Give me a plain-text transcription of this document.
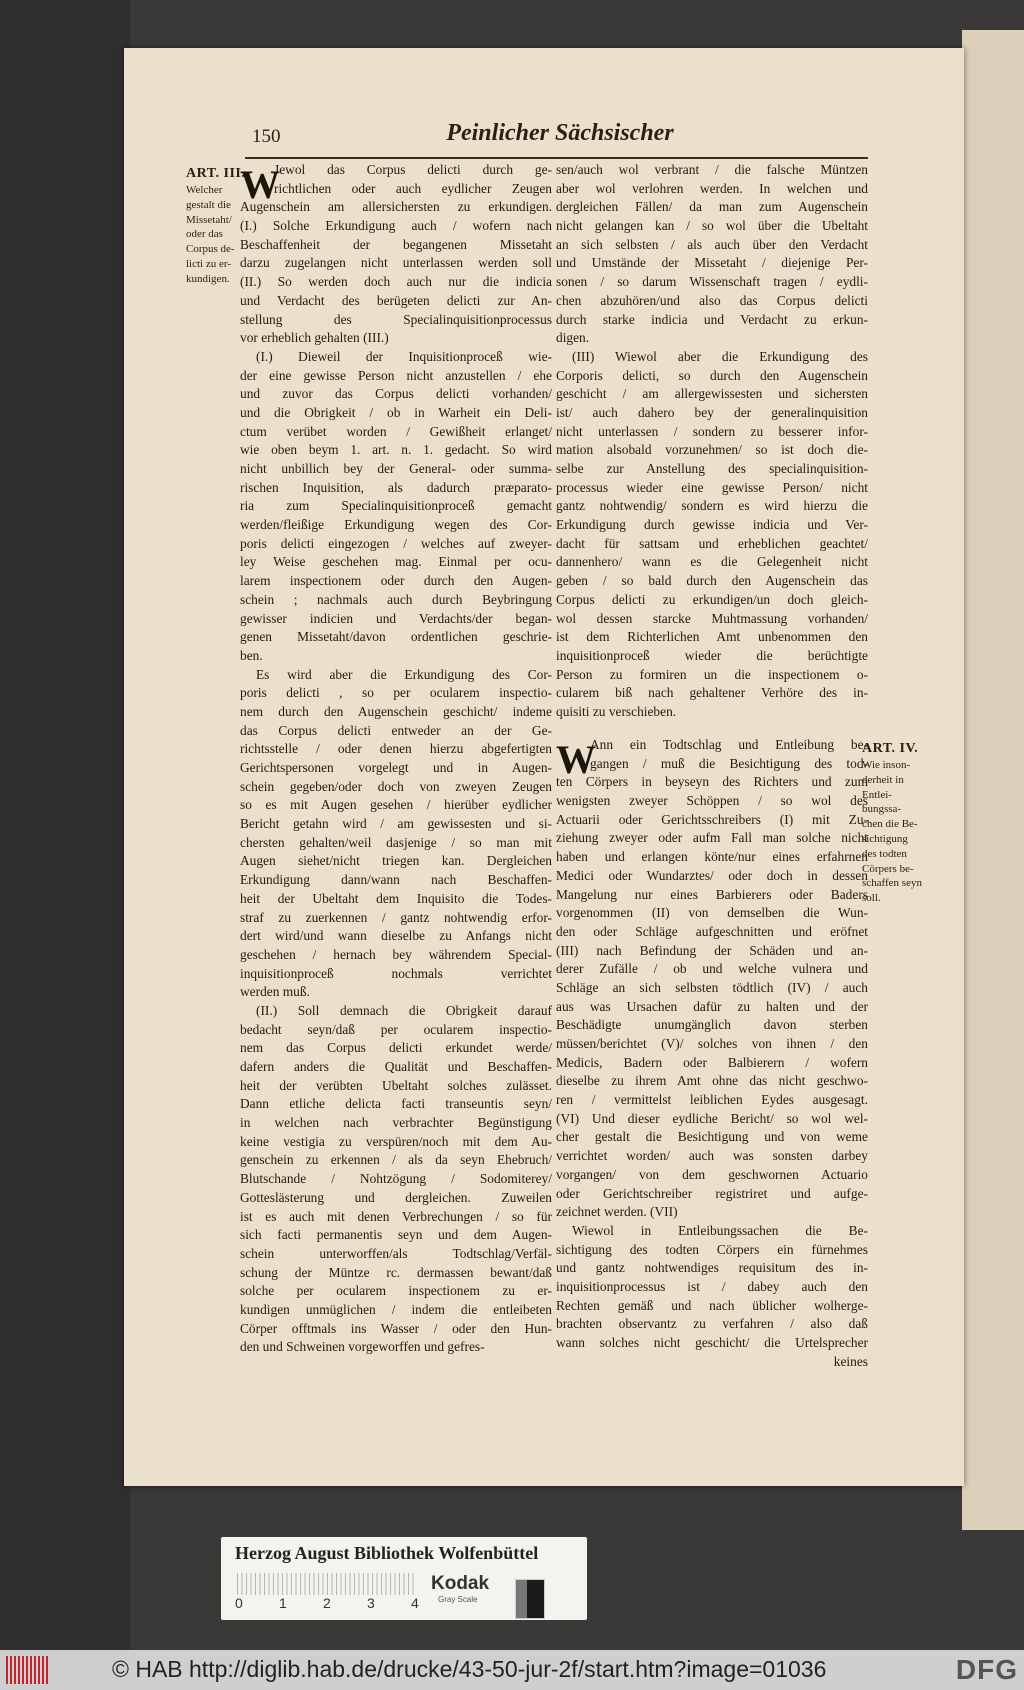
150	Peinlicher Sächsischer
ART. III.
Welcher
gestalt die
Missetaht/
oder das
Corpus de-
licti zu er-
kundigen.
ART. IV.
Wie inson-
derheit in
Entlei-
bungssa-
chen die Be-
sichtigung
des todten
Cörpers be-
schaffen seyn
soll.
W
Jewol das Corpus delicti durch ge-
richtlichen oder auch eydlicher Zeugen
Augenschein am allersichersten zu erkundigen.
(I.) Solche Erkundigung auch / wofern nach
Beschaffenheit der begangenen Missetaht
darzu zugelangen nicht unterlassen werden soll
(II.) So werden doch auch nur die indicia
und Verdacht des berügeten delicti zur An-
stellung des Specialinquisitionprocessus
vor erheblich gehalten (III.)
(I.) Dieweil der Inquisitionproceß wie-
der eine gewisse Person nicht anzustellen / ehe
und zuvor das Corpus delicti vorhanden/
und die Obrigkeit / ob in Warheit ein Deli-
ctum verübet worden / Gewißheit erlanget/
wie oben beym 1. art. n. 1. gedacht. So wird
nicht unbillich bey der General- oder summa-
rischen Inquisition, als dadurch præparato-
ria zum Specialinquisitionproceß gemacht
werden/fleißige Erkundigung wegen des Cor-
poris delicti eingezogen / welches auf zweyer-
ley Weise geschehen mag. Einmal per ocu-
larem inspectionem oder durch den Augen-
schein ; nachmals auch durch Beybringung
gewisser indicien und Verdachts/der began-
genen Missetaht/davon ordentlichen geschrie-
ben.
Es wird aber die Erkundigung des Cor-
poris delicti , so per ocularem inspectio-
nem durch den Augenschein geschicht/ indeme
das Corpus delicti entweder an der Ge-
richtsstelle / oder denen hierzu abgefertigten
Gerichtspersonen vorgelegt und in Augen-
schein gegeben/oder doch von zweyen Zeugen
so es mit Augen gesehen / hierüber eydlicher
Bericht getahn wird / am gewissesten und si-
chersten gehalten/weil dasjenige / so man mit
Augen siehet/nicht triegen kan. Dergleichen
Erkundigung dann/wann nach Beschaffen-
heit der Ubeltaht dem Inquisito die Todes-
straf zu zuerkennen / gantz nohtwendig erfor-
dert wird/und wann dieselbe zu Anfangs nicht
geschehen / hernach bey währendem Special-
inquisitionproceß nochmals verrichtet
werden muß.
(II.) Soll demnach die Obrigkeit darauf
bedacht seyn/daß per ocularem inspectio-
nem das Corpus delicti erkundet werde/
dafern anders die Qualität und Beschaffen-
heit der verübten Ubeltaht solches zulässet.
Dann etliche delicta facti transeuntis seyn/
in welchen nach verbrachter Begünstigung
keine vestigia zu verspüren/noch mit dem Au-
genschein zu erkennen / als da seyn Ehebruch/
Blutschande / Nohtzögung / Sodomiterey/
Gotteslästerung und dergleichen. Zuweilen
ist es auch mit denen Verbrechungen / so für
sich facti permanentis seyn und dem Augen-
schein unterworffen/als Todtschlag/Verfäl-
schung der Müntze rc. dermassen bewant/daß
solche per ocularem inspectionem zu er-
kundigen unmüglichen / indem die entleibeten
Cörper offtmals ins Wasser / oder den Hun-
den und Schweinen vorgeworffen und gefres-
sen/auch wol verbrant / die falsche Müntzen
aber wol verlohren werden. In welchen und
dergleichen Fällen/ da man zum Augenschein
nicht gelangen kan / so wol über die Ubeltaht
an sich selbsten / als auch über den Verdacht
und Umstände der Missetaht / diejenige Per-
sonen / so darum Wissenschaft tragen / eydli-
chen abzuhören/und also das Corpus delicti
durch starke indicia und Verdacht zu erkun-
digen.
(III) Wiewol aber die Erkundigung des
Corporis delicti, so durch den Augenschein
geschicht / am allergewissesten und sichersten
ist/ auch dahero bey der generalinquisition
nicht unterlassen / sondern zu besserer infor-
mation alsobald vorzunehmen/ so ist doch die-
selbe zur Anstellung des specialinquisition-
processus wieder eine gewisse Person/ nicht
gantz nohtwendig/ sondern es wird hierzu die
Erkundigung durch gewisse indicia und Ver-
dacht für sattsam und erheblichen geachtet/
dannenhero/ wann es die Gelegenheit nicht
geben / so bald durch den Augenschein das
Corpus delicti zu erkundigen/un doch gleich-
wol dessen starcke Muhtmassung vorhanden/
ist dem Richterlichen Amt unbenommen den
inquisitionproceß wieder die berüchtigte
Person zu formiren un die inspectionem o-
cularem biß nach gehaltener Verhöre des in-
quisiti zu verschieben.
W
Ann ein Todtschlag und Entleibung be-
gangen / muß die Besichtigung des tod-
ten Cörpers in beyseyn des Richters und zum
wenigsten zweyer Schöppen / so wol des
Actuarii oder Gerichtsschreibers (I) mit Zu-
ziehung zweyer oder aufm Fall man solche nicht
haben und erlangen könte/nur eines erfahrnen
Medici oder Wundarztes/ oder doch in dessen
Mangelung nur eines Barbierers oder Baders
vorgenommen (II) von demselben die Wun-
den oder Schläge aufgeschnitten und eröfnet
(III) nach Befindung der Schäden und an-
derer Zufälle / ob und welche vulnera und
Schläge an sich selbsten tödtlich (IV) / auch
aus was Ursachen dafür zu halten und der
Beschädigte unumgänglich davon sterben
müssen/berichtet (V)/ solches von ihnen / den
Medicis, Badern oder Balbierern / wofern
dieselbe zu ihrem Amt ohne das nicht geschwo-
ren / vermittelst leiblichen Eydes ausgesagt.
(VI) Und dieser eydliche Bericht/ so wol wel-
cher gestalt die Besichtigung und von weme
verrichtet worden/ auch was sonsten darbey
vorgangen/ von dem geschwornen Actuario
oder Gerichtschreiber registriret und aufge-
zeichnet werden. (VII)
Wiewol in Entleibungssachen die Be-
sichtigung des todten Cörpers ein fürnehmes
und gantz nohtwendiges requisitum des in-
inquisitionprocessus ist / dabey auch den
Rechten gemäß und nach üblicher wolherge-
brachten observantz zu verfahren / also daß
wann solches nicht geschicht/ die Urtelsprecher
keines
Herzog August Bibliothek Wolfenbüttel
0	1	2	3	4
Kodak
Gray Scale
© HAB http://diglib.hab.de/drucke/43-50-jur-2f/start.htm?image=01036	DFG
